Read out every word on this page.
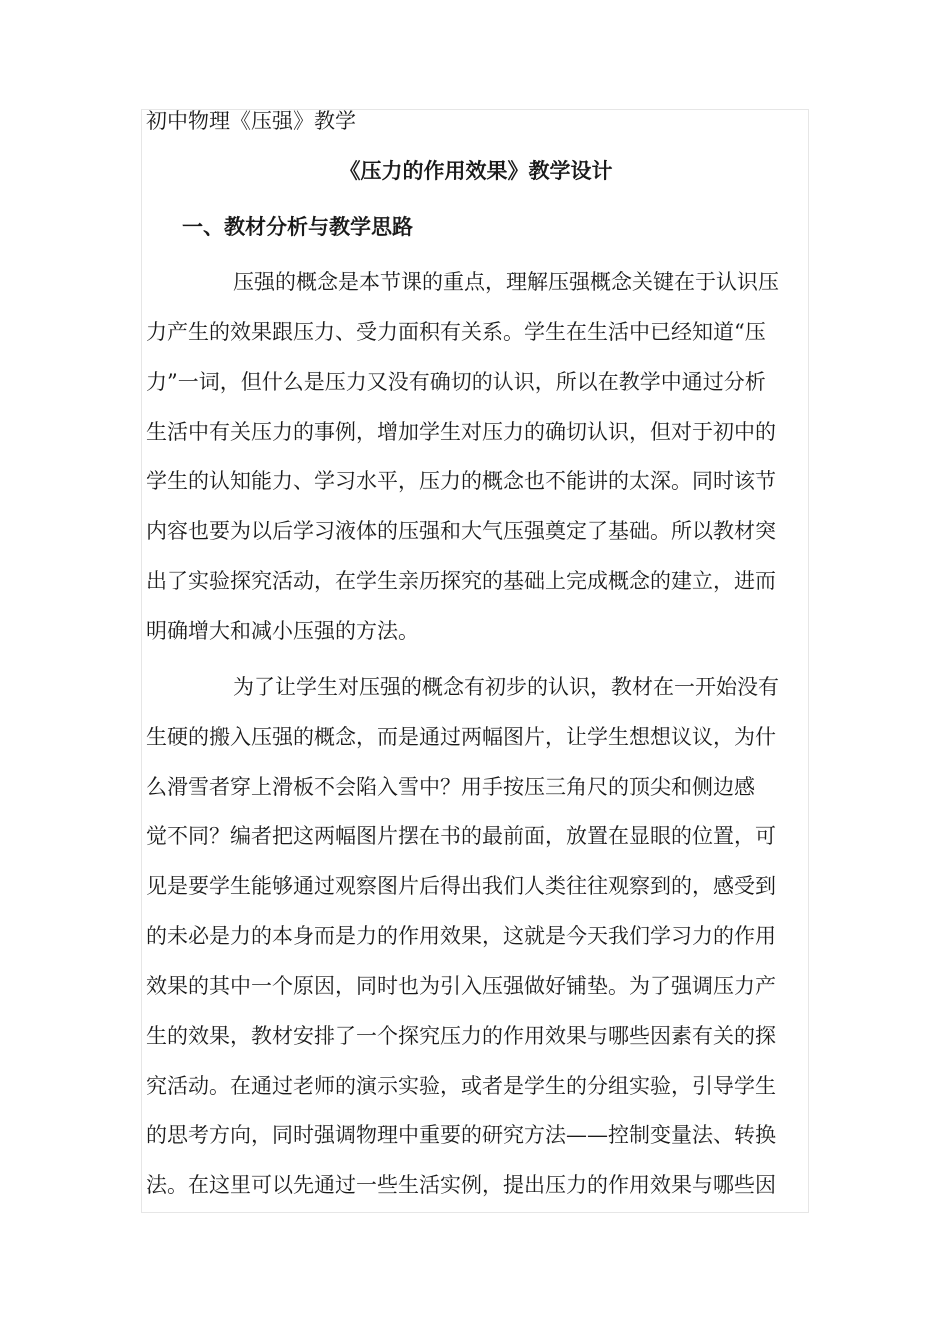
初中物理《压强》教学
《压力的作用效果》教学设计
一、教材分析与教学思路
压强的概念是本节课的重点，理解压强概念关键在于认识压
力产生的效果跟压力、受力面积有关系。学生在生活中已经知道“压
力”一词，但什么是压力又没有确切的认识，所以在教学中通过分析
生活中有关压力的事例，增加学生对压力的确切认识，但对于初中的
学生的认知能力、学习水平，压力的概念也不能讲的太深。同时该节
内容也要为以后学习液体的压强和大气压强奠定了基础。所以教材突
出了实验探究活动，在学生亲历探究的基础上完成概念的建立，进而
明确增大和减小压强的方法。
为了让学生对压强的概念有初步的认识，教材在一开始没有
生硬的搬入压强的概念，而是通过两幅图片，让学生想想议议，为什
么滑雪者穿上滑板不会陷入雪中？用手按压三角尺的顶尖和侧边感
觉不同？编者把这两幅图片摆在书的最前面，放置在显眼的位置，可
见是要学生能够通过观察图片后得出我们人类往往观察到的，感受到
的未必是力的本身而是力的作用效果，这就是今天我们学习力的作用
效果的其中一个原因，同时也为引入压强做好铺垫。为了强调压力产
生的效果，教材安排了一个探究压力的作用效果与哪些因素有关的探
究活动。在通过老师的演示实验，或者是学生的分组实验，引导学生
的思考方向，同时强调物理中重要的研究方法——控制变量法、转换
法。在这里可以先通过一些生活实例，提出压力的作用效果与哪些因
